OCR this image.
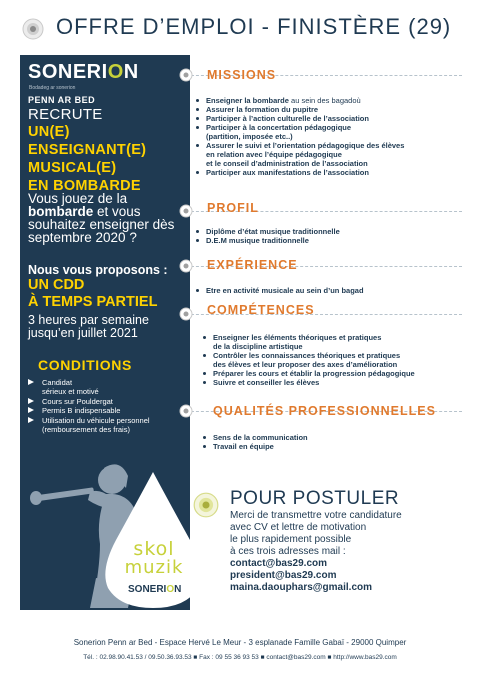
OFFRE D’EMPLOI - FINISTÈRE (29)
SONERION
Bodadeg ar sonerion
PENN AR BED
RECRUTE
UN(E)
ENSEIGNANT(E)
MUSICAL(E)
EN BOMBARDE
Vous jouez de la bombarde et vous souhaitez enseigner dès septembre 2020 ?
Nous vous proposons :
UN CDD
À TEMPS PARTIEL
3 heures par semaine
jusqu’en juillet 2021
CONDITIONS
Candidat
sérieux et motivé
Cours sur Pouldergat
Permis B indispensable
Utilisation du véhicule personnel
(remboursement des frais)
skol
muzik
SONERION
MISSIONS
Enseigner la bombarde au sein des bagadoù
Assurer la formation du pupitre
Participer à l’action culturelle de l’association
Participer à la concertation pédagogique
(partition, imposée etc..)
Assurer le suivi et l’orientation pédagogique des élèves
en relation avec l’équipe pédagogique
et le conseil d’administration de l’association
Participer aux manifestations de l’association
PROFIL
Diplôme d’état musique traditionnelle
D.E.M musique traditionnelle
EXPÉRIENCE
Etre en activité musicale au sein d’un bagad
COMPÉTENCES
Enseigner les éléments théoriques et pratiques
de la discipline artistique
Contrôler les connaissances théoriques et pratiques
des élèves et leur proposer des axes d’amélioration
Préparer les cours et établir la progression pédagogique
Suivre et conseiller les élèves
QUALITÉS PROFESSIONNELLES
Sens de la communication
Travail en équipe
POUR POSTULER
Merci de transmettre votre candidature
avec CV et lettre de motivation
le plus rapidement possible
à ces trois adresses mail :
contact@bas29.com
president@bas29.com
maina.daouphars@gmail.com
Sonerion Penn ar Bed - Espace Hervé Le Meur - 3 esplanade Famille Gabaï - 29000 Quimper
Tél. : 02.98.90.41.53 / 09.50.36.93.53 ■ Fax : 09 55 36 93 53 ■ contact@bas29.com ■ http://www.bas29.com
